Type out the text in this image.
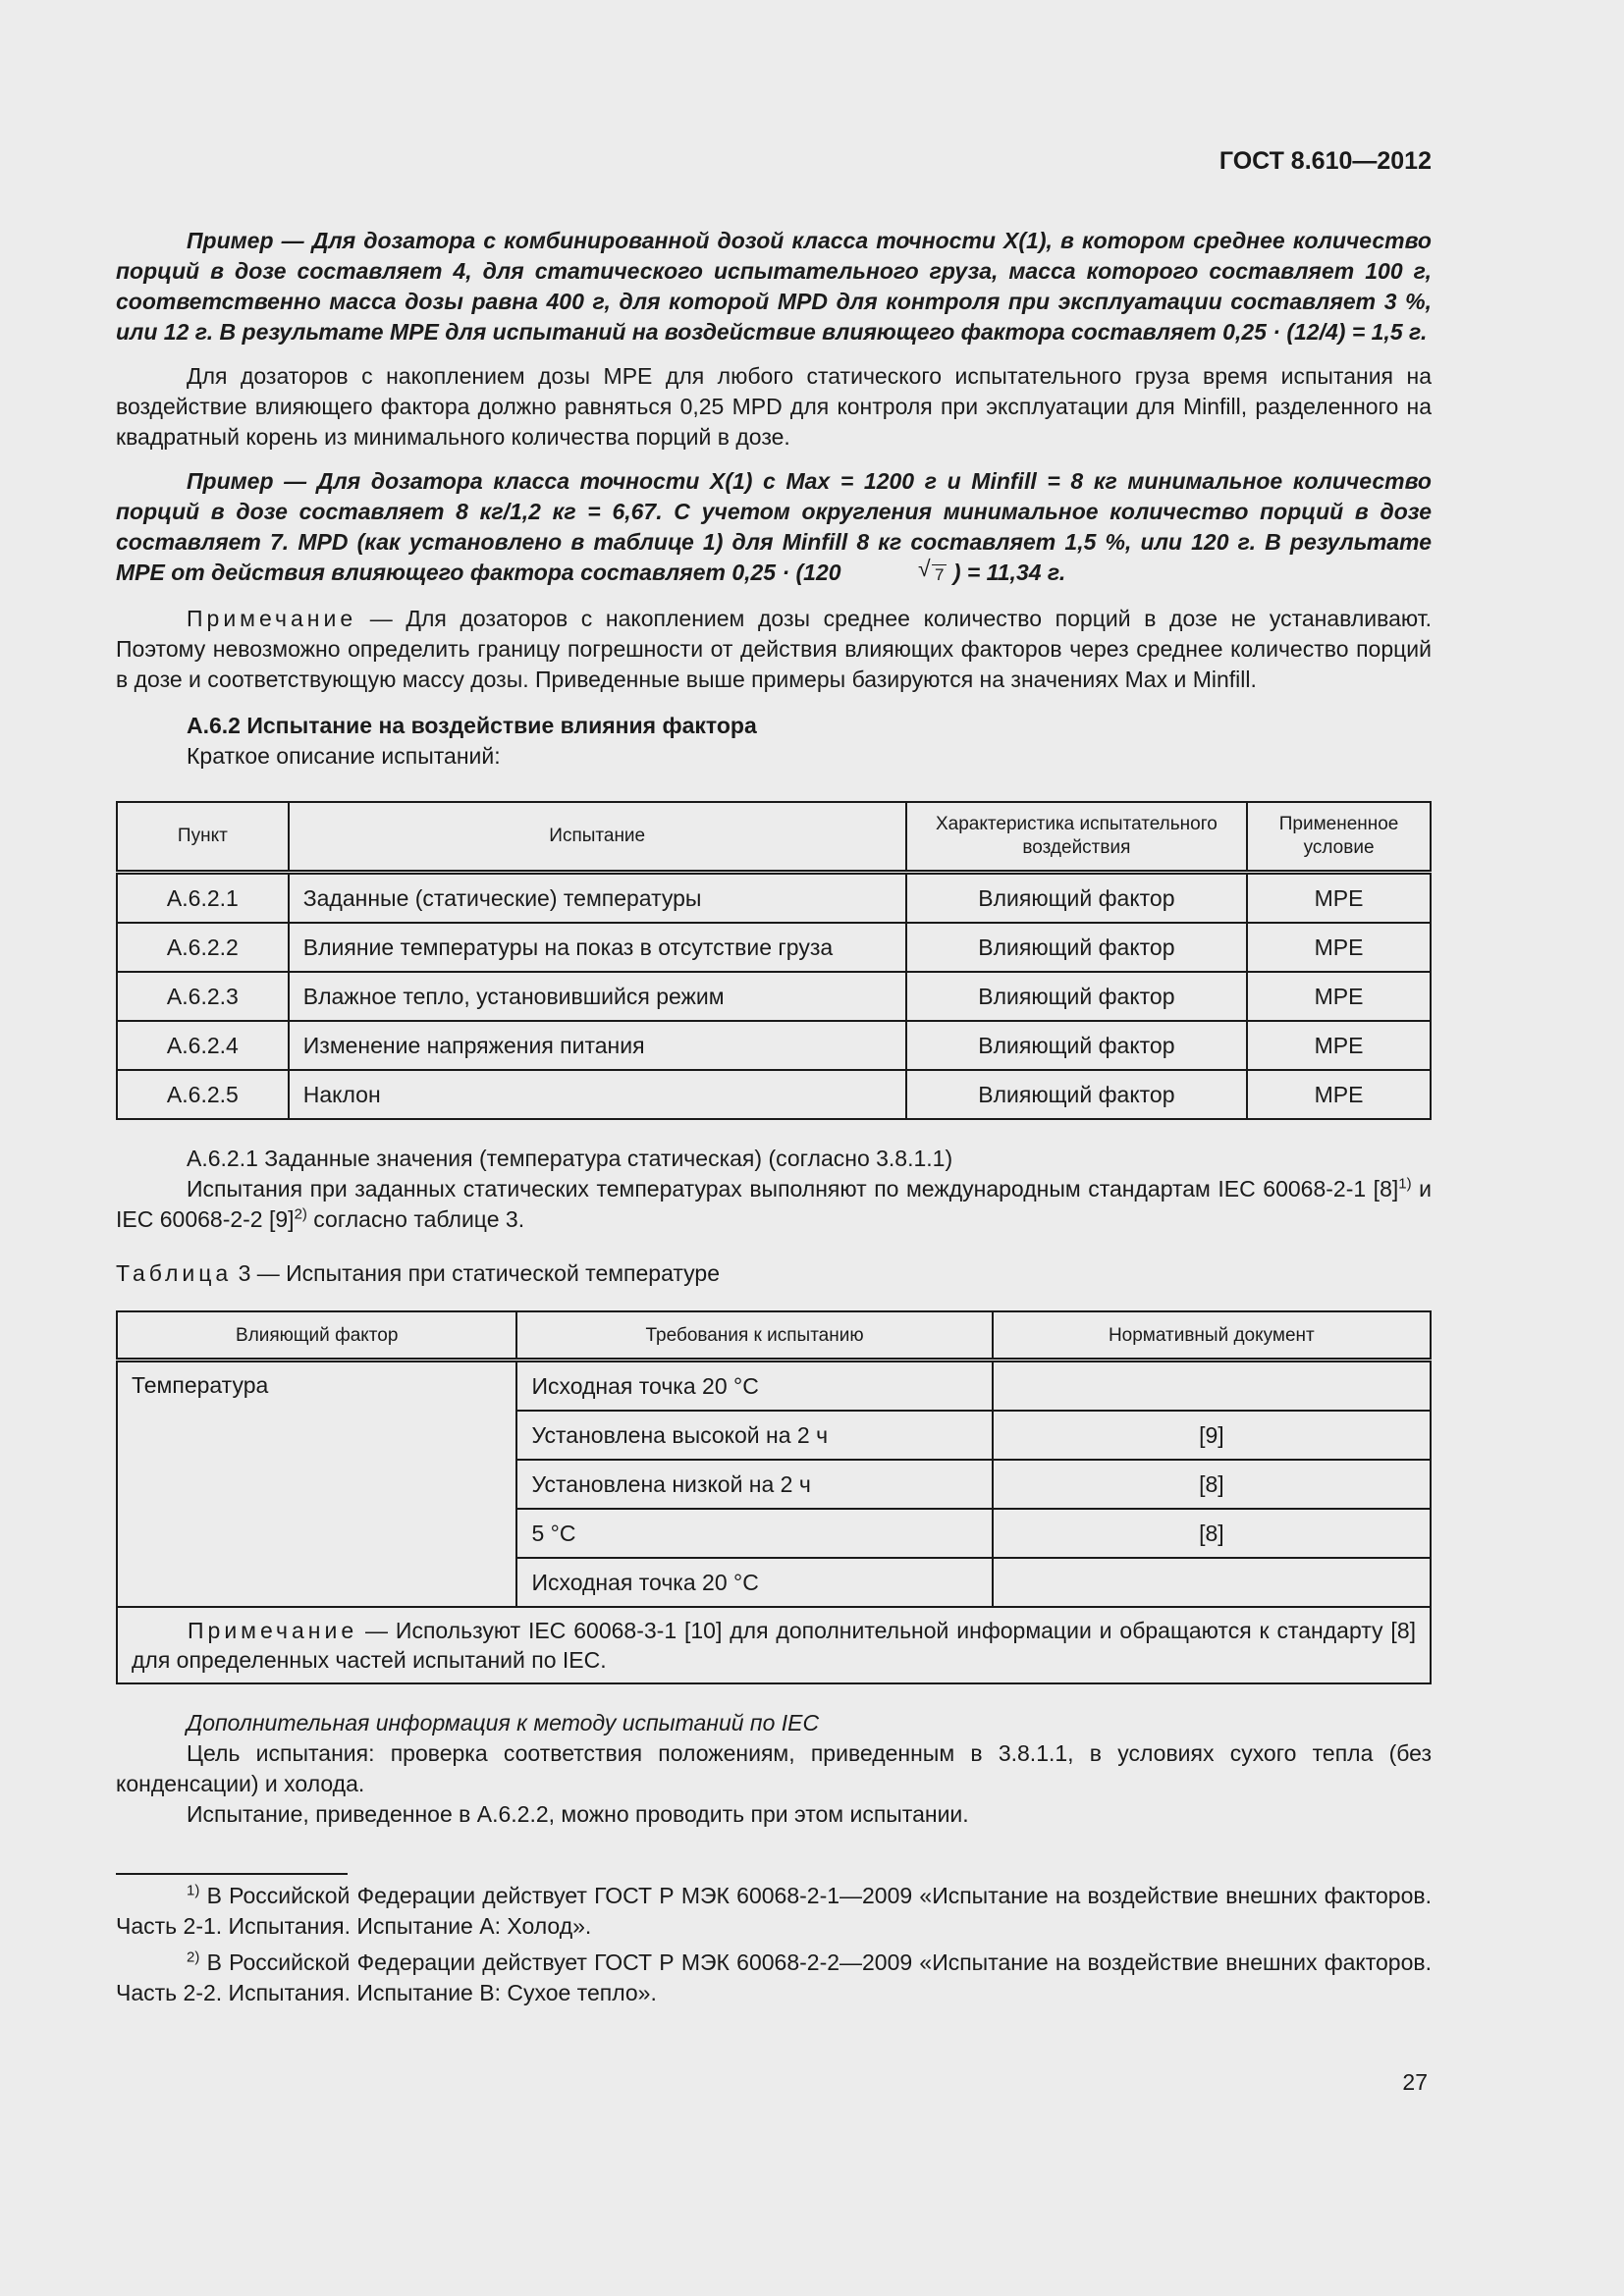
ГОСТ 8.610—2012

Пример — Для дозатора с комбинированной дозой класса точности X(1), в котором среднее количество порций в дозе составляет 4, для статического испытательного груза, масса которого составляет 100 г, соответственно масса дозы равна 400 г, для которой MPD для контроля при эксплуатации составляет 3 %, или 12 г. В результате MPE для испытаний на воздействие влияющего фактора составляет 0,25 · (12/4) = 1,5 г.

Для дозаторов с накоплением дозы MPE для любого статического испытательного груза время испытания на воздействие влияющего фактора должно равняться 0,25 MPD для контроля при эксплуатации для Minfill, разделенного на квадратный корень из минимального количества порций в дозе.

Пример — Для дозатора класса точности X(1) с Max = 1200 г и Minfill = 8 кг минимальное количество порций в дозе составляет 8 кг/1,2 кг = 6,67. С учетом округления минимальное количество порций в дозе составляет 7. MPD (как установлено в таблице 1) для Minfill 8 кг составляет 1,5 %, или 120 г. В результате MPE от действия влияющего фактора составляет 0,25 · (120	√ 7 ) = 11,34 г.

Примечание — Для дозаторов с накоплением дозы среднее количество порций в дозе не устанавливают. Поэтому невозможно определить границу погрешности от действия влияющих факторов через среднее количество порций в дозе и соответствующую массу дозы. Приведенные выше примеры базируются на значениях Max и Minfill.

А.6.2 Испытание на воздействие влияния фактора

Краткое описание испытаний:

Пункт	Испытание	Характеристика испытательного воздействия	Примененное условие
А.6.2.1	Заданные (статические) температуры	Влияющий фактор	MPE
А.6.2.2	Влияние температуры на показ в отсутствие груза	Влияющий фактор	MPE
А.6.2.3	Влажное тепло, установившийся режим	Влияющий фактор	MPE
А.6.2.4	Изменение напряжения питания	Влияющий фактор	MPE
А.6.2.5	Наклон	Влияющий фактор	MPE

А.6.2.1 Заданные значения (температура статическая) (согласно 3.8.1.1)

Испытания при заданных статических температурах выполняют по международным стандартам IEC 60068-2-1 $[8]^{1)}$ и IEC 60068-2-2 $[9]^{2)}$ согласно таблице 3.

Таблица 3 — Испытания при статической температуре

Влияющий фактор	Требования к испытанию	Нормативный документ
Температура	Исходная точка 20 °C	
	Установлена высокой на 2 ч	[9]
	Установлена низкой на 2 ч	[8]
	5 °C	[8]
	Исходная точка 20 °C	
Примечание — Используют IEC 60068-3-1 [10] для дополнительной информации и обращаются к стандарту [8] для определенных частей испытаний по IEC.		

Дополнительная информация к методу испытаний по IEC

Цель испытания: проверка соответствия положениям, приведенным в 3.8.1.1, в условиях сухого тепла (без конденсации) и холода.

Испытание, приведенное в А.6.2.2, можно проводить при этом испытании.

$^{1)}$ В Российской Федерации действует ГОСТ Р МЭК 60068-2-1—2009 «Испытание на воздействие внешних факторов. Часть 2-1. Испытания. Испытание А: Холод».

$^{2)}$ В Российской Федерации действует ГОСТ Р МЭК 60068-2-2—2009 «Испытание на воздействие внешних факторов. Часть 2-2. Испытания. Испытание В: Сухое тепло».

27
